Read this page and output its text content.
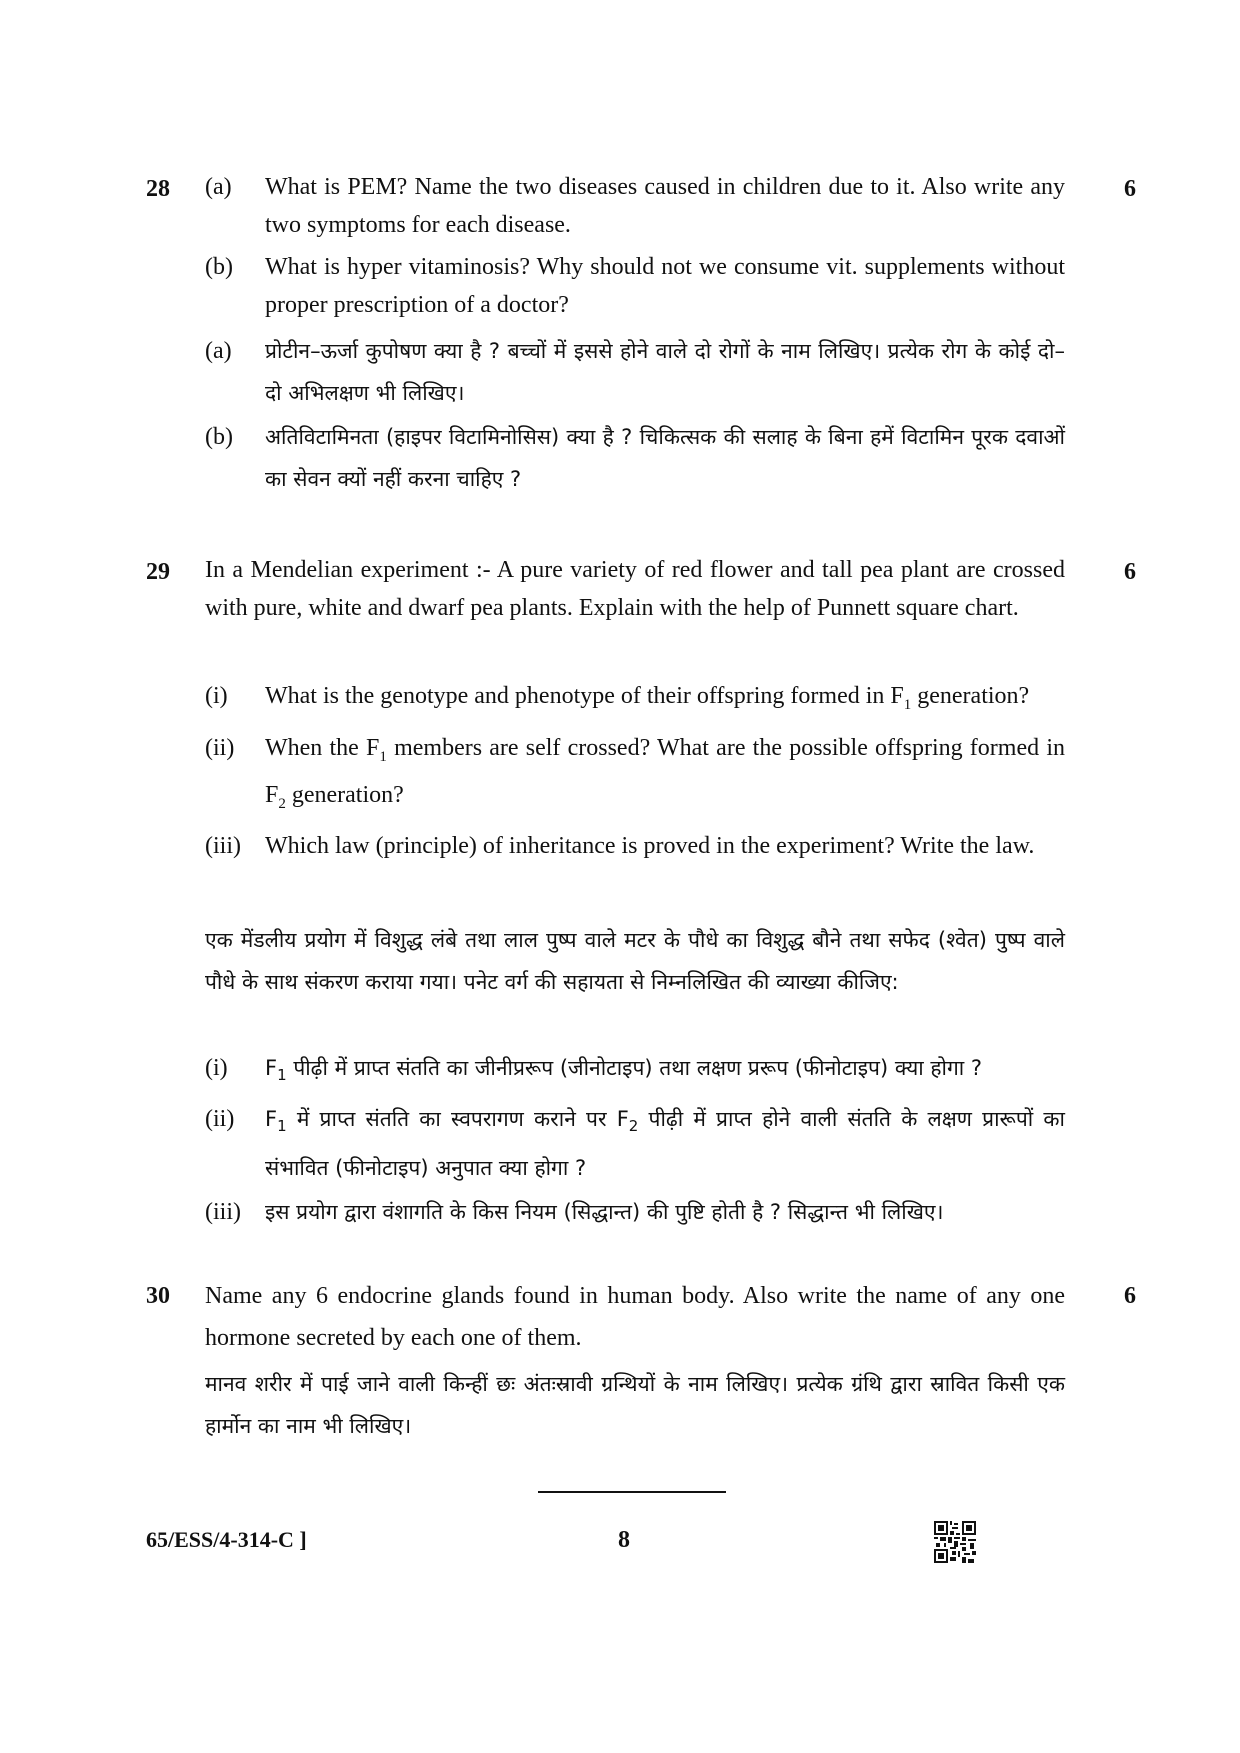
28	6
(a) What is PEM? Name the two diseases caused in children due to it. Also write any two symptoms for each disease.
(b) What is hyper vitaminosis? Why should not we consume vit. supplements without proper prescription of a doctor?
(a) प्रोटीन–ऊर्जा कुपोषण क्या है ? बच्चों में इससे होने वाले दो रोगों के नाम लिखिए। प्रत्येक रोग के कोई दो–दो अभिलक्षण भी लिखिए।
(b) अतिविटामिनता (हाइपर विटामिनोसिस) क्या है ? चिकित्सक की सलाह के बिना हमें विटामिन पूरक दवाओं का सेवन क्यों नहीं करना चाहिए ?
29	6
In a Mendelian experiment :- A pure variety of red flower and tall pea plant are crossed with pure, white and dwarf pea plants. Explain with the help of Punnett square chart.
(i) What is the genotype and phenotype of their offspring formed in $F_1$ generation?
(ii) When the $F_1$ members are self crossed? What are the possible offspring formed in $F_2$ generation?
(iii) Which law (principle) of inheritance is proved in the experiment? Write the law.
एक मेंडलीय प्रयोग में विशुद्ध लंबे तथा लाल पुष्प वाले मटर के पौधे का विशुद्ध बौने तथा सफेद (श्वेत) पुष्प वाले पौधे के साथ संकरण कराया गया। पनेट वर्ग की सहायता से निम्नलिखित की व्याख्या कीजिए:
(i) $F_1$ पीढ़ी में प्राप्त संतति का जीनीप्ररूप (जीनोटाइप) तथा लक्षण प्ररूप (फीनोटाइप) क्या होगा ?
(ii) $F_1$ में प्राप्त संतति का स्वपरागण कराने पर $F_2$ पीढ़ी में प्राप्त होने वाली संतति के लक्षण प्रारूपों का संभावित (फीनोटाइप) अनुपात क्या होगा ?
(iii) इस प्रयोग द्वारा वंशागति के किस नियम (सिद्धान्त) की पुष्टि होती है ? सिद्धान्त भी लिखिए।
30	6
Name any 6 endocrine glands found in human body. Also write the name of any one hormone secreted by each one of them.
मानव शरीर में पाई जाने वाली किन्हीं छः अंतःस्रावी ग्रन्थियों के नाम लिखिए। प्रत्येक ग्रंथि द्वारा स्रावित किसी एक हार्मोन का नाम भी लिखिए।
65/ESS/4-314-C ]	8
